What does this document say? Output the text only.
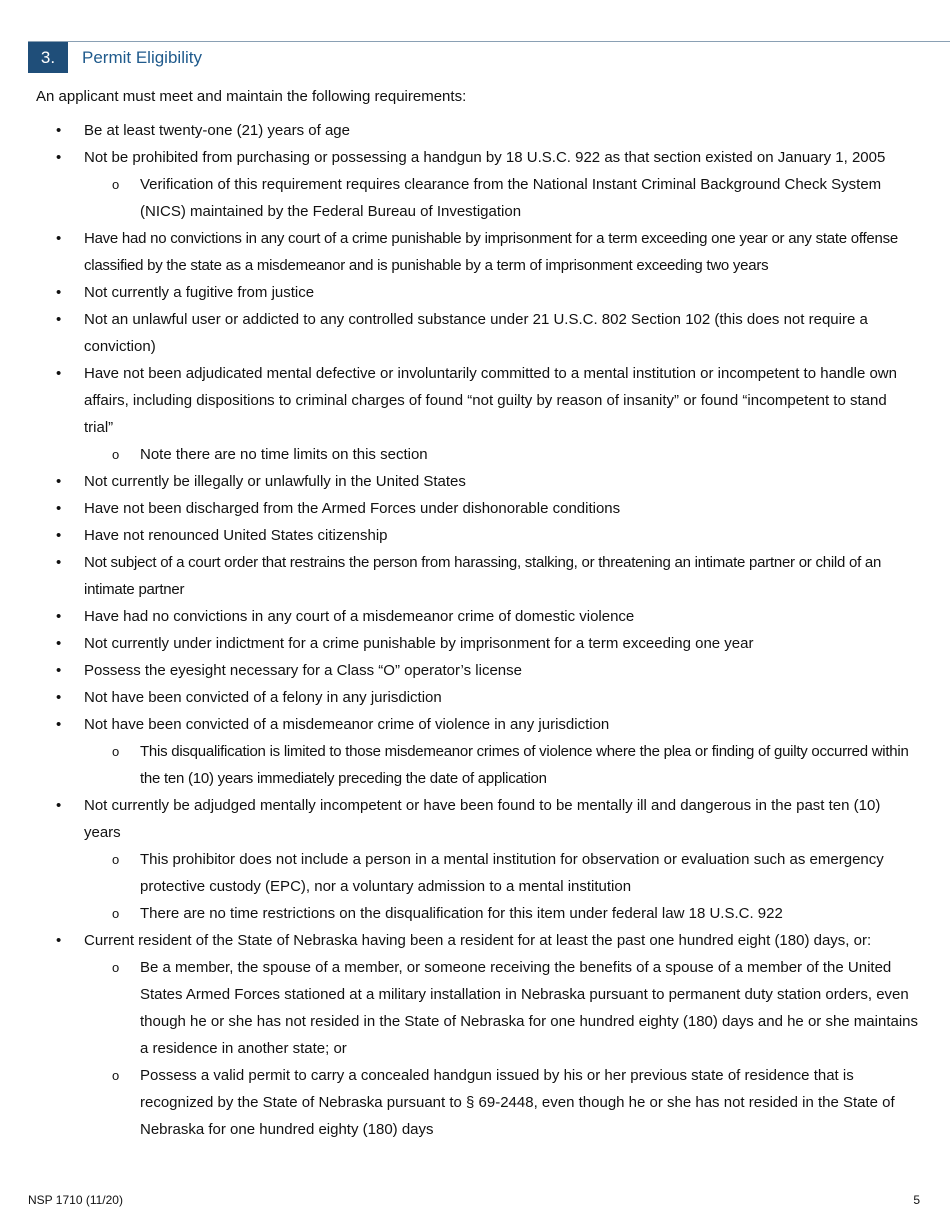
3.	Permit Eligibility
An applicant must meet and maintain the following requirements:
• Be at least twenty-one (21) years of age
• Not be prohibited from purchasing or possessing a handgun by 18 U.S.C. 922 as that section existed on January 1, 2005
o Verification of this requirement requires clearance from the National Instant Criminal Background Check System (NICS) maintained by the Federal Bureau of Investigation
• Have had no convictions in any court of a crime punishable by imprisonment for a term exceeding one year or any state offense classified by the state as a misdemeanor and is punishable by a term of imprisonment exceeding two years
• Not currently a fugitive from justice
• Not an unlawful user or addicted to any controlled substance under 21 U.S.C. 802 Section 102 (this does not require a conviction)
• Have not been adjudicated mental defective or involuntarily committed to a mental institution or incompetent to handle own affairs, including dispositions to criminal charges of found “not guilty by reason of insanity” or found “incompetent to stand trial”
o Note there are no time limits on this section
• Not currently be illegally or unlawfully in the United States
• Have not been discharged from the Armed Forces under dishonorable conditions
• Have not renounced United States citizenship
• Not subject of a court order that restrains the person from harassing, stalking, or threatening an intimate partner or child of an intimate partner
• Have had no convictions in any court of a misdemeanor crime of domestic violence
• Not currently under indictment for a crime punishable by imprisonment for a term exceeding one year
• Possess the eyesight necessary for a Class “O” operator’s license
• Not have been convicted of a felony in any jurisdiction
• Not have been convicted of a misdemeanor crime of violence in any jurisdiction
o This disqualification is limited to those misdemeanor crimes of violence where the plea or finding of guilty occurred within the ten (10) years immediately preceding the date of application
• Not currently be adjudged mentally incompetent or have been found to be mentally ill and dangerous in the past ten (10) years
o This prohibitor does not include a person in a mental institution for observation or evaluation such as emergency protective custody (EPC), nor a voluntary admission to a mental institution
o There are no time restrictions on the disqualification for this item under federal law 18 U.S.C. 922
• Current resident of the State of Nebraska having been a resident for at least the past one hundred eight (180) days, or:
o Be a member, the spouse of a member, or someone receiving the benefits of a spouse of a member of the United States Armed Forces stationed at a military installation in Nebraska pursuant to permanent duty station orders, even though he or she has not resided in the State of Nebraska for one hundred eighty (180) days and he or she maintains a residence in another state; or
o Possess a valid permit to carry a concealed handgun issued by his or her previous state of residence that is recognized by the State of Nebraska pursuant to § 69-2448, even though he or she has not resided in the State of Nebraska for one hundred eighty (180) days
NSP 1710 (11/20)	5
